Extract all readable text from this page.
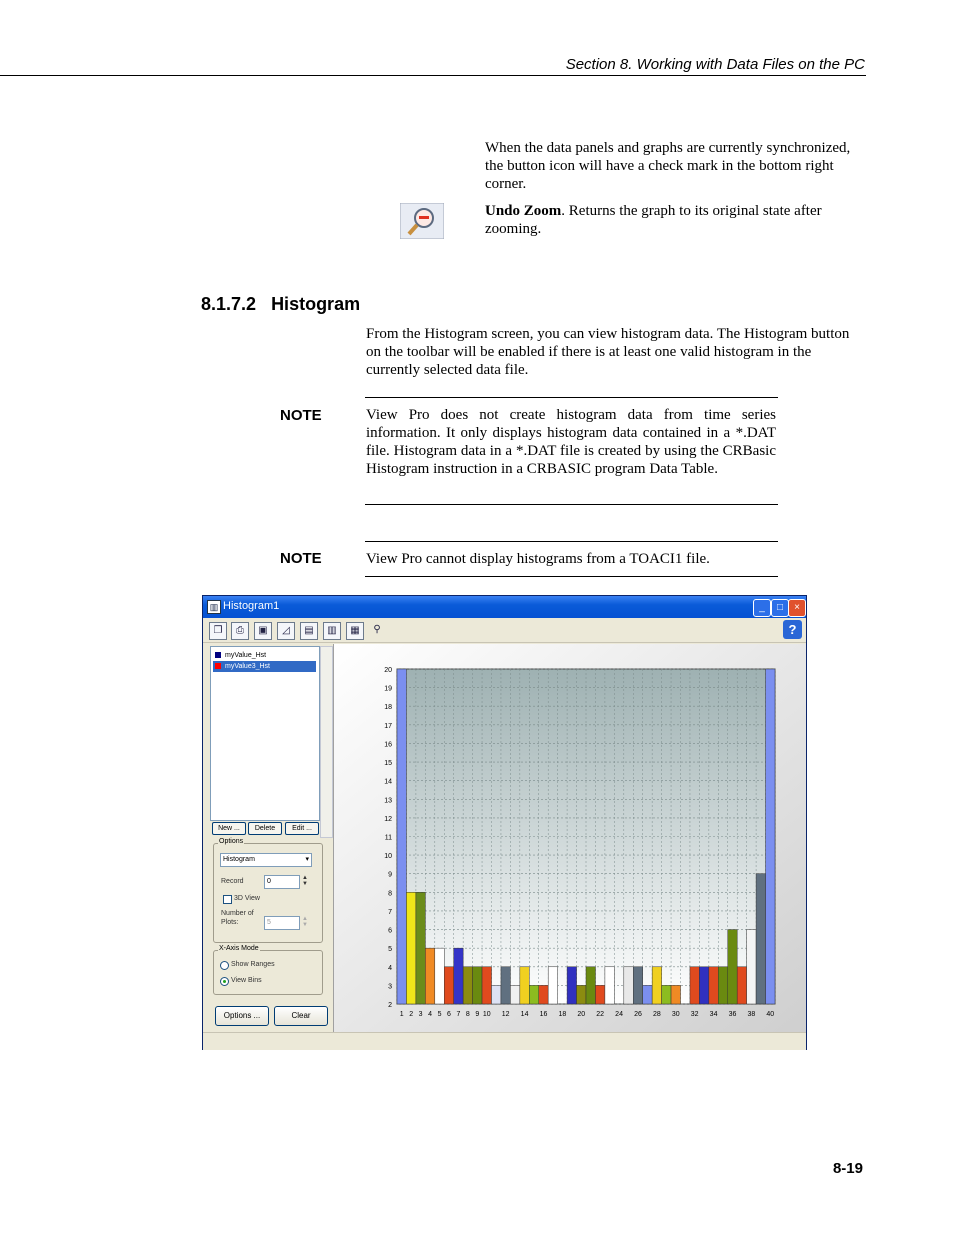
Section 8. Working with Data Files on the PC
When the data panels and graphs are currently synchronized, the button icon will have a check mark in the bottom right corner.
Undo Zoom. Returns the graph to its original state after zooming.
8.1.7.2 Histogram
From the Histogram screen, you can view histogram data. The Histogram button on the toolbar will be enabled if there is at least one valid histogram in the currently selected data file.
NOTE	View Pro does not create histogram data from time series information. It only displays histogram data contained in a *.DAT file. Histogram data in a *.DAT file is created by using the CRBasic Histogram instruction in a CRBASIC program Data Table.
NOTE	View Pro cannot display histograms from a TOACI1 file.
▥ Histogram1	_	□	×
❐	⎙	▣	◿	▤	▥	▦	⚲	?
myValue_Hst
myValue3_Hst
New ...	Delete	Edit ...
Options
Histogram	▾
Record	0	▲
▼
3D View
Number of
Plots:	5	▲
▼
X-Axis Mode
Show Ranges
View Bins
Options ...	Clear
2
3
4
5
6
7
8
9
10
11
12
13
14
15
16
17
18
19
20
1 2 3 4 5 6 7 8 9 10 12 14 16 18 20 22 24 26 28 30 32 34 36 38 40
8-19
